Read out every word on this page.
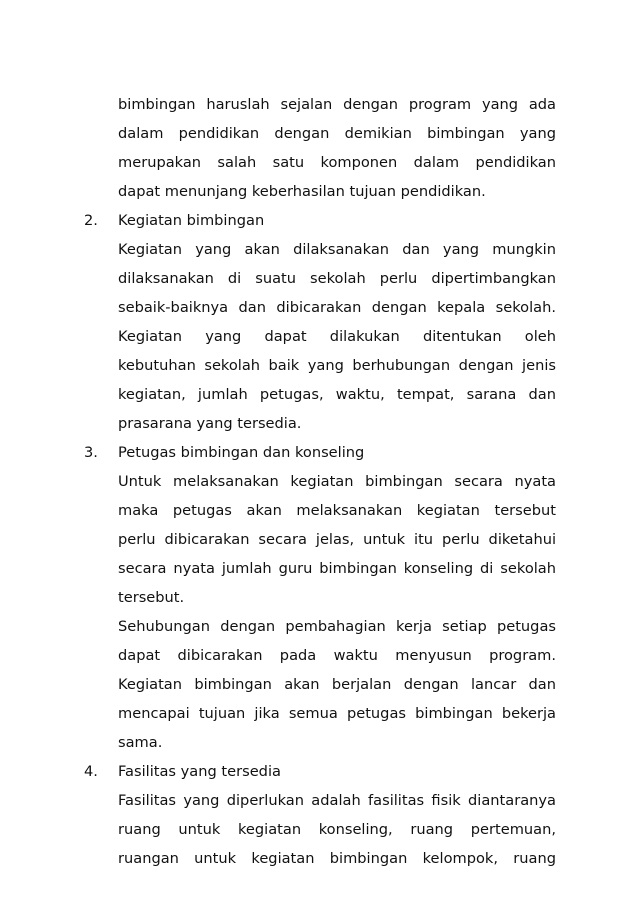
bimbingan haruslah sejalan dengan program yang ada
dalam pendidikan dengan demikian bimbingan yang
merupakan salah satu komponen dalam pendidikan
dapat menunjang keberhasilan tujuan pendidikan.
2. Kegiatan bimbingan
Kegiatan yang akan dilaksanakan dan yang mungkin
dilaksanakan di suatu sekolah perlu dipertimbangkan
sebaik-baiknya dan dibicarakan dengan kepala sekolah.
Kegiatan yang dapat dilakukan ditentukan oleh
kebutuhan sekolah baik yang berhubungan dengan jenis
kegiatan, jumlah petugas, waktu, tempat, sarana dan
prasarana yang tersedia.
3. Petugas bimbingan dan konseling
Untuk melaksanakan kegiatan bimbingan secara nyata
maka petugas akan melaksanakan kegiatan tersebut
perlu dibicarakan secara jelas, untuk itu perlu diketahui
secara nyata jumlah guru bimbingan konseling di sekolah
tersebut.
Sehubungan dengan pembahagian kerja setiap petugas
dapat dibicarakan pada waktu menyusun program.
Kegiatan bimbingan akan berjalan dengan lancar dan
mencapai tujuan jika semua petugas bimbingan bekerja
sama.
4. Fasilitas yang tersedia
Fasilitas yang diperlukan adalah fasilitas fisik diantaranya
ruang untuk kegiatan konseling, ruang pertemuan,
ruangan untuk kegiatan bimbingan kelompok, ruang
